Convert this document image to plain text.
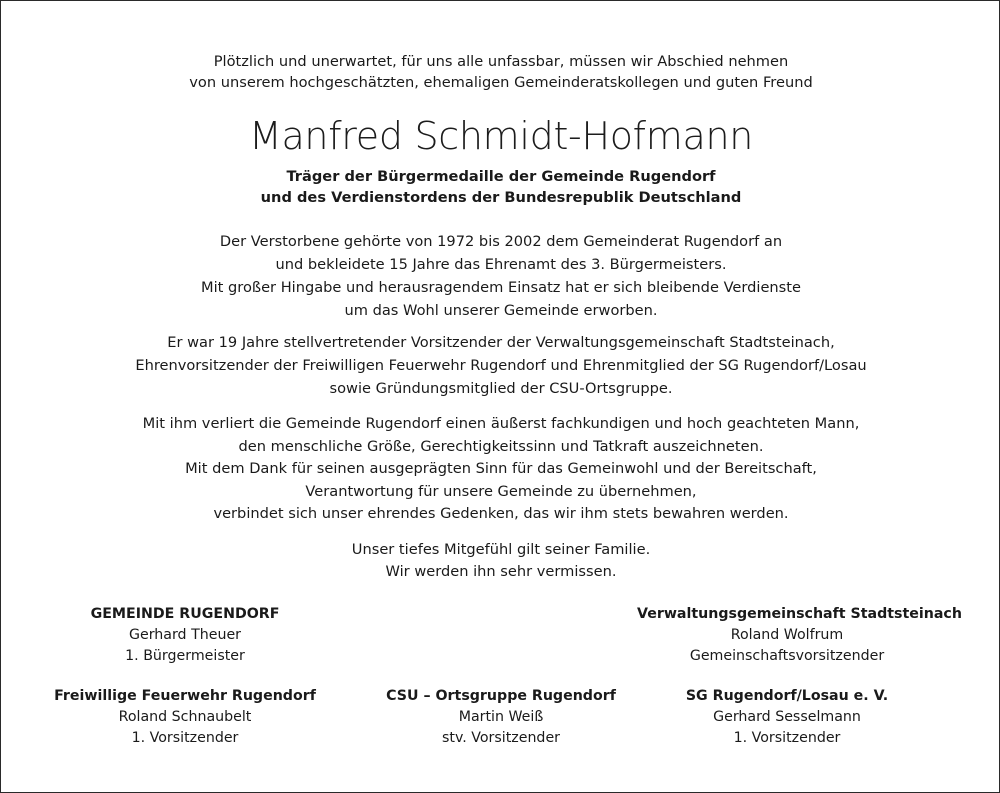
Plötzlich und unerwartet, für uns alle unfassbar, müssen wir Abschied nehmen
von unserem hochgeschätzten, ehemaligen Gemeinderatskollegen und guten Freund
Manfred Schmidt-Hofmann
Träger der Bürgermedaille der Gemeinde Rugendorf
und des Verdienstordens der Bundesrepublik Deutschland
Der Verstorbene gehörte von 1972 bis 2002 dem Gemeinderat Rugendorf an
und bekleidete 15 Jahre das Ehrenamt des 3. Bürgermeisters.
Mit großer Hingabe und herausragendem Einsatz hat er sich bleibende Verdienste
um das Wohl unserer Gemeinde erworben.
Er war 19 Jahre stellvertretender Vorsitzender der Verwaltungsgemeinschaft Stadtsteinach,
Ehrenvorsitzender der Freiwilligen Feuerwehr Rugendorf und Ehrenmitglied der SG Rugendorf/Losau
sowie Gründungsmitglied der CSU-Ortsgruppe.
Mit ihm verliert die Gemeinde Rugendorf einen äußerst fachkundigen und hoch geachteten Mann,
den menschliche Größe, Gerechtigkeitssinn und Tatkraft auszeichneten.
Mit dem Dank für seinen ausgeprägten Sinn für das Gemeinwohl und der Bereitschaft,
Verantwortung für unsere Gemeinde zu übernehmen,
verbindet sich unser ehrendes Gedenken, das wir ihm stets bewahren werden.
Unser tiefes Mitgefühl gilt seiner Familie.
Wir werden ihn sehr vermissen.
GEMEINDE RUGENDORF
Gerhard Theuer
1. Bürgermeister
Verwaltungsgemeinschaft Stadtsteinach
Roland Wolfrum
Gemeinschaftsvorsitzender
Freiwillige Feuerwehr Rugendorf
Roland Schnaubelt
1. Vorsitzender
CSU – Ortsgruppe Rugendorf
Martin Weiß
stv. Vorsitzender
SG Rugendorf/Losau e. V.
Gerhard Sesselmann
1. Vorsitzender
